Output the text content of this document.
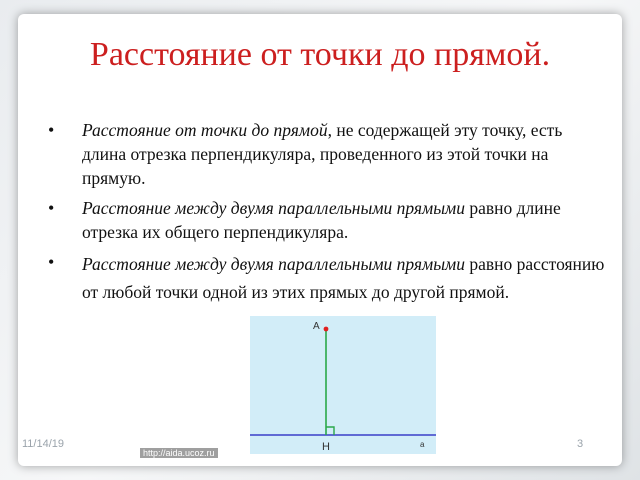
Расстояние от точки до прямой.
• Расстояние от точки до прямой, не содержащей эту точку, есть длина отрезка перпендикуляра, проведенного из этой точки на прямую.
• Расстояние между двумя параллельными прямыми равно длине отрезка их общего перпендикуляра.
• Расстояние между двумя параллельными прямыми равно расстоянию от любой точки одной из этих прямых до другой прямой.
A
H	a
11/14/19	3
http://aida.ucoz.ru
